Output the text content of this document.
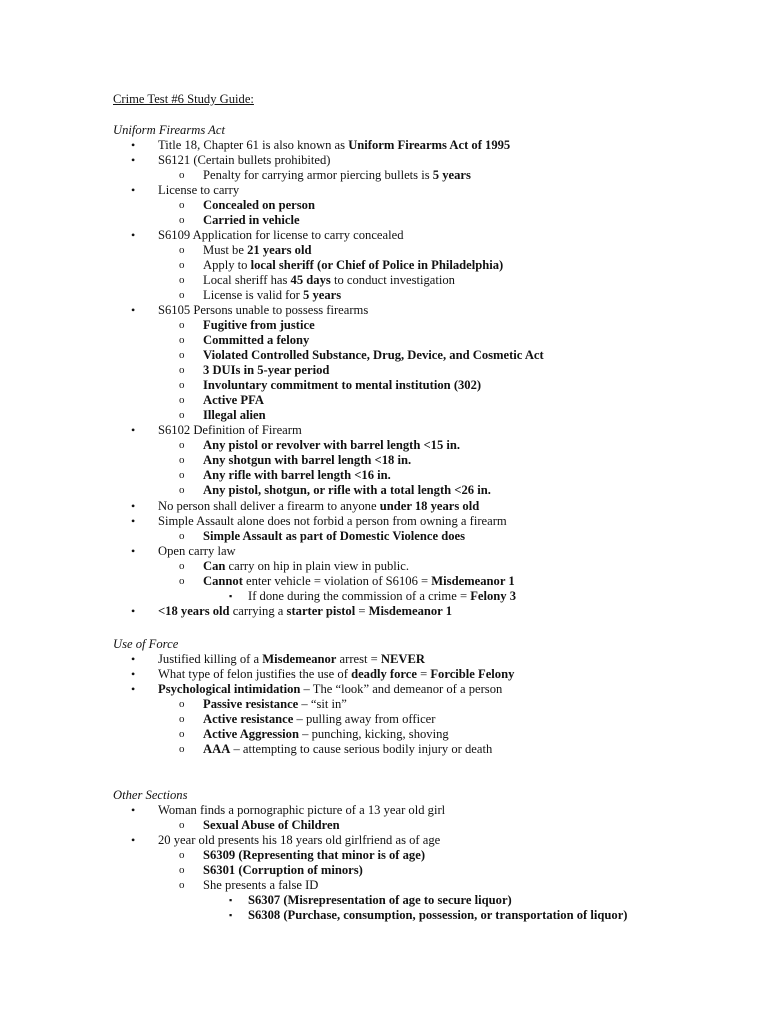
Crime Test #6 Study Guide:
Uniform Firearms Act
• Title 18, Chapter 61 is also known as Uniform Firearms Act of 1995
• S6121 (Certain bullets prohibited)
o Penalty for carrying armor piercing bullets is 5 years
• License to carry
o Concealed on person
o Carried in vehicle
• S6109 Application for license to carry concealed
o Must be 21 years old
o Apply to local sheriff (or Chief of Police in Philadelphia)
o Local sheriff has 45 days to conduct investigation
o License is valid for 5 years
• S6105 Persons unable to possess firearms
o Fugitive from justice
o Committed a felony
o Violated Controlled Substance, Drug, Device, and Cosmetic Act
o 3 DUIs in 5-year period
o Involuntary commitment to mental institution (302)
o Active PFA
o Illegal alien
• S6102 Definition of Firearm
o Any pistol or revolver with barrel length <15 in.
o Any shotgun with barrel length <18 in.
o Any rifle with barrel length <16 in.
o Any pistol, shotgun, or rifle with a total length <26 in.
• No person shall deliver a firearm to anyone under 18 years old
• Simple Assault alone does not forbid a person from owning a firearm
o Simple Assault as part of Domestic Violence does
• Open carry law
o Can carry on hip in plain view in public.
o Cannot enter vehicle = violation of S6106 = Misdemeanor 1
▪ If done during the commission of a crime = Felony 3
• <18 years old carrying a starter pistol = Misdemeanor 1
Use of Force
• Justified killing of a Misdemeanor arrest = NEVER
• What type of felon justifies the use of deadly force = Forcible Felony
• Psychological intimidation – The “look” and demeanor of a person
o Passive resistance – “sit in”
o Active resistance – pulling away from officer
o Active Aggression – punching, kicking, shoving
o AAA – attempting to cause serious bodily injury or death
Other Sections
• Woman finds a pornographic picture of a 13 year old girl
o Sexual Abuse of Children
• 20 year old presents his 18 years old girlfriend as of age
o S6309 (Representing that minor is of age)
o S6301 (Corruption of minors)
o She presents a false ID
▪ S6307 (Misrepresentation of age to secure liquor)
▪ S6308 (Purchase, consumption, possession, or transportation of liquor)
